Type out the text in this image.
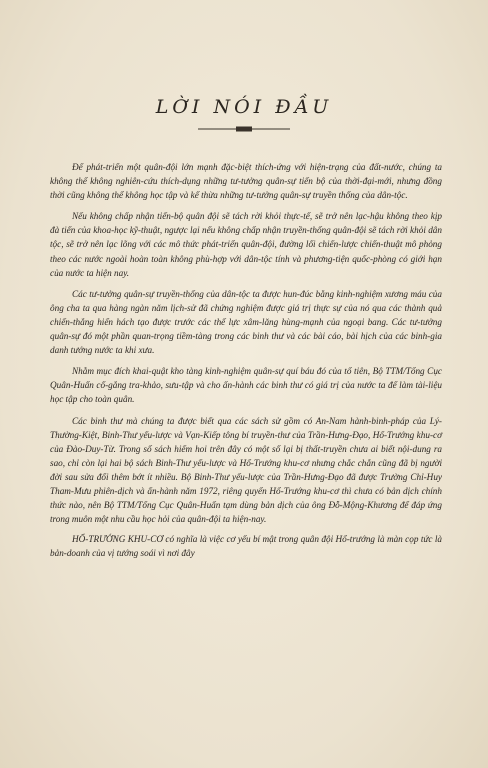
LỜI NÓI ĐẦU

Để phát-triển một quân-đội lớn mạnh đặc-biệt thích-ứng với hiện-trạng của đất-nước, chúng ta không thể không nghiên-cứu thích-dụng những tư-tưởng quân-sự tiến bộ của thời-đại-mới, nhưng đồng thời cũng không thể không học tập và kế thừa những tư-tưởng quân-sự truyền thống của dân-tộc.

Nếu không chấp nhận tiến-bộ quân đội sẽ tách rời khỏi thực-tế, sẽ trở nên lạc-hậu không theo kịp đà tiến của khoa-học kỹ-thuật, ngược lại nếu không chấp nhận truyền-thống quân-đội sẽ tách rời khỏi dân tộc, sẽ trở nên lạc lõng với các mô thức phát-triển quân-đội, đường lối chiến-lược chiến-thuật mô phỏng theo các nước ngoài hoàn toàn không phù-hợp với dân-tộc tính và phương-tiện quốc-phòng có giới hạn của nước ta hiện nay.

Các tư-tưởng quân-sự truyền-thống của dân-tộc ta được hun-đúc bằng kinh-nghiệm xương máu của ông cha ta qua hàng ngàn năm lịch-sử đã chứng nghiệm được giá trị thực sự của nó qua các thành quả chiến-thắng hiển hách tạo được trước các thế lực xâm-lăng hùng-mạnh của ngoại bang. Các tư-tưởng quân-sự đó một phần quan-trọng tiềm-tàng trong các binh thư và các bài cáo, bài hịch của các binh-gia danh tướng nước ta khi xưa.

Nhằm mục đích khai-quật kho tàng kinh-nghiệm quân-sự quí báu đó của tổ tiên, Bộ TTM/Tổng Cục Quân-Huấn cố-gắng tra-khảo, sưu-tập và cho ấn-hành các binh thư có giá trị của nước ta để làm tài-liệu học tập cho toàn quân.

Các binh thư mà chúng ta được biết qua các sách sử gồm có An-Nam hành-binh-pháp của Lý-Thường-Kiệt, Binh-Thư yếu-lược và Vạn-Kiếp tông bí truyền-thư của Trần-Hưng-Đạo, Hổ-Trướng khu-cơ của Đào-Duy-Từ. Trong số sách hiếm hoi trên đây có một số lại bị thất-truyền chưa ai biết nội-dung ra sao, chỉ còn lại hai bộ sách Binh-Thư yếu-lược và Hổ-Trướng khu-cơ nhưng chắc chắn cũng đã bị người đời sau sửa đổi thêm bớt ít nhiều. Bộ Binh-Thư yếu-lược của Trần-Hưng-Đạo đã được Trường Chỉ-Huy Tham-Mưu phiên-dịch và ấn-hành năm 1972, riêng quyển Hổ-Trướng khu-cơ thì chưa có bản dịch chính thức nào, nên Bộ TTM/Tổng Cục Quân-Huấn tạm dùng bản dịch của ông Đỗ-Mộng-Khương để đáp ứng trong muôn một nhu cầu học hỏi của quân-đội ta hiện-nay.

HỔ-TRƯỚNG KHU-CƠ có nghĩa là việc cơ yếu bí mật trong quân đội Hổ-trướng là màn cọp tức là bản-doanh của vị tướng soái vì nơi đây
